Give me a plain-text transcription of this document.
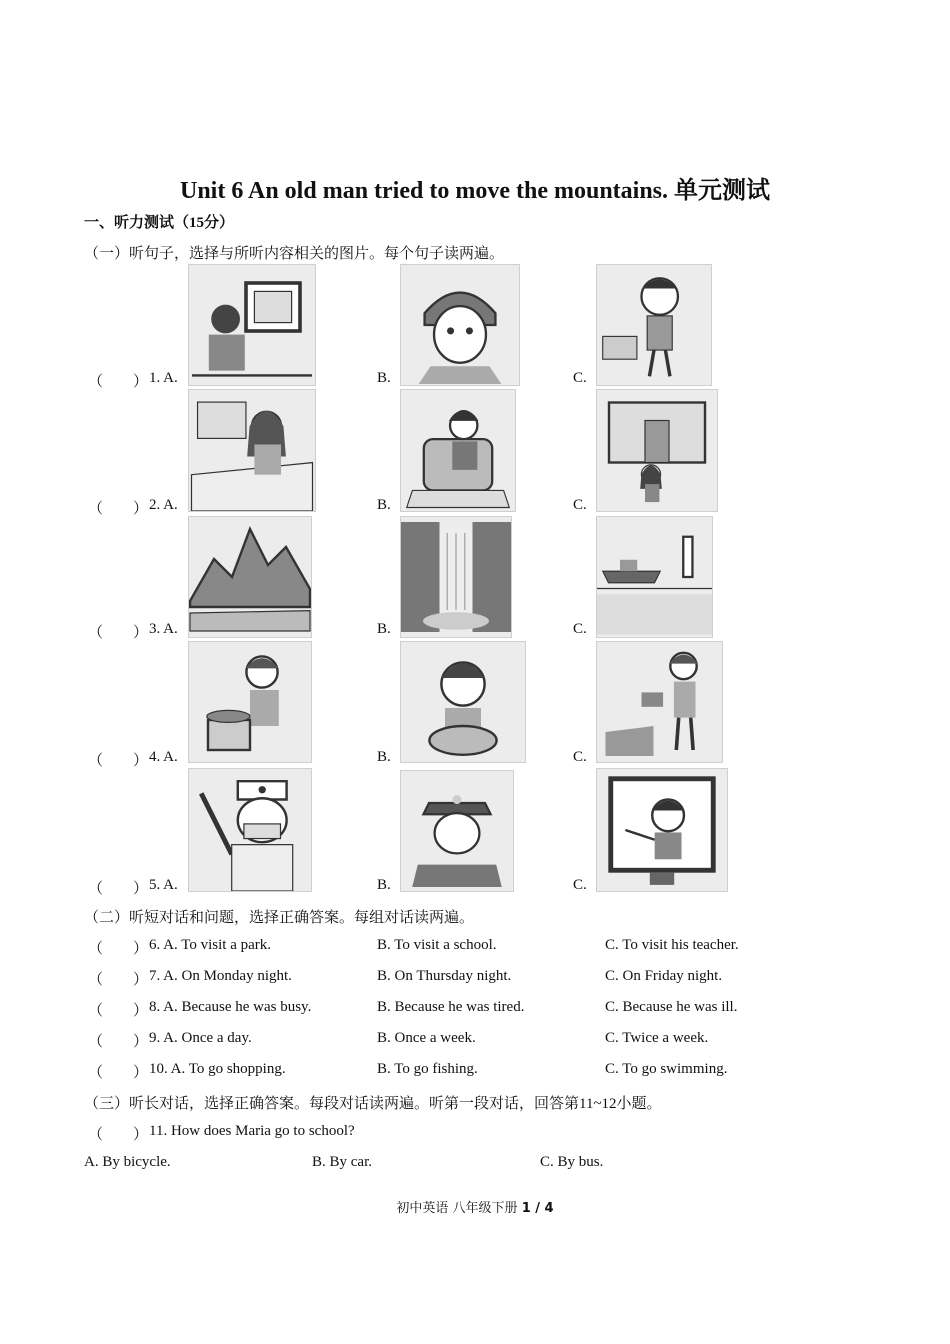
Unit 6 An old man tried to move the mountains. 单元测试
一、听力测试（15分）
（一）听句子，选择与所听内容相关的图片。每个句子读两遍。
（　　） 1. A.	B.	C.
（　　） 2. A.	B.	C.
（　　） 3. A.	B.	C.
（　　） 4. A.	B.	C.
（　　） 5. A.	B.	C.
（二）听短对话和问题，选择正确答案。每组对话读两遍。
（　　） 6. A. To visit a park.	B. To visit a school.	C. To visit his teacher.
（　　） 7. A. On Monday night.	B. On Thursday night.	C. On Friday night.
（　　） 8. A. Because he was busy.	B. Because he was tired.	C. Because he was ill.
（　　） 9. A. Once a day.	B. Once a week.	C. Twice a week.
（　　） 10. A. To go shopping.	B. To go fishing.	C. To go swimming.
（三）听长对话，选择正确答案。每段对话读两遍。听第一段对话，回答第11~12小题。
（　　） 11. How does Maria go to school?
A. By bicycle.	B. By car.	C. By bus.
初中英语 八年级下册 1 / 4
